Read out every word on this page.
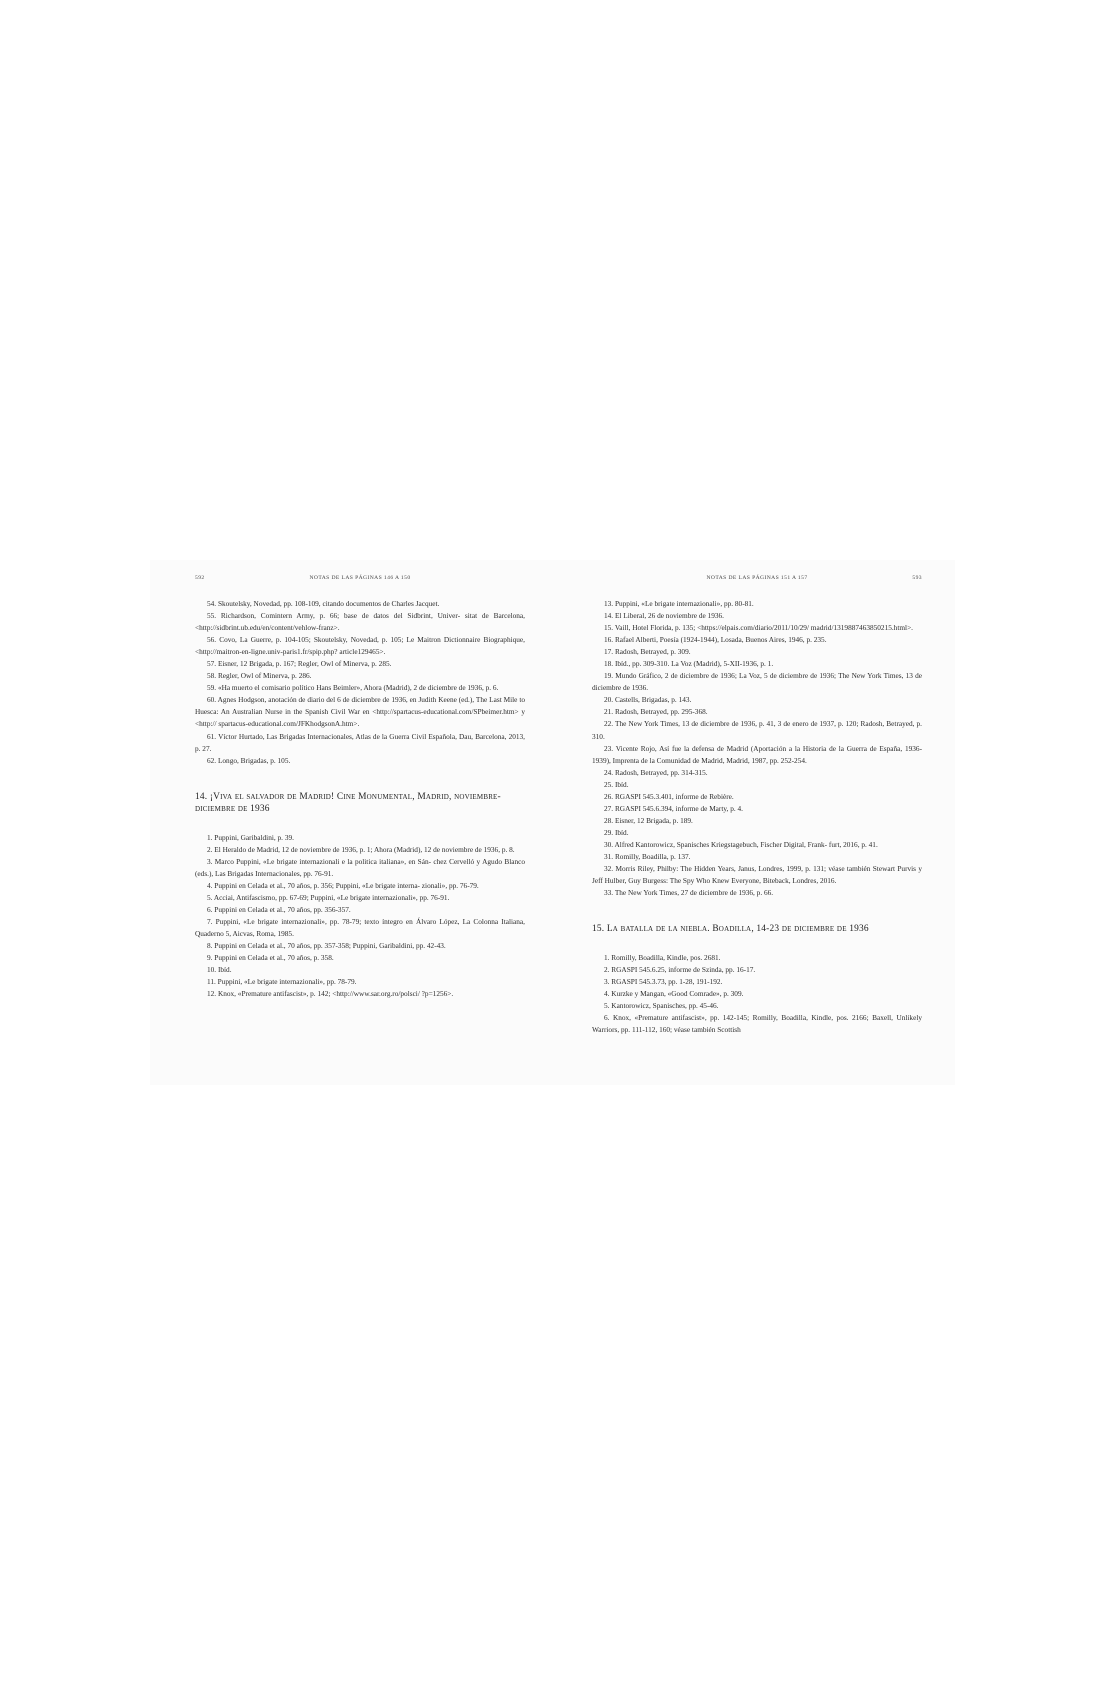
592	NOTAS DE LAS PÁGINAS 146 A 150

54. Skoutelsky, Novedad, pp. 108-109, citando documentos de Charles Jacquet.

55. Richardson, Comintern Army, p. 66; base de datos del Sidbrint, Univer- sitat de Barcelona, <http://sidbrint.ub.edu/en/content/vehlow-franz>.

56. Covo, La Guerre, p. 104-105; Skoutelsky, Novedad, p. 105; Le Maitron Dictionnaire Biographique, <http://maitron-en-ligne.univ-paris1.fr/spip.php? article129465>.

57. Eisner, 12 Brigada, p. 167; Regler, Owl of Minerva, p. 285.

58. Regler, Owl of Minerva, p. 286.

59. «Ha muerto el comisario político Hans Beimler», Ahora (Madrid), 2 de diciembre de 1936, p. 6.

60. Agnes Hodgson, anotación de diario del 6 de diciembre de 1936, en Judith Keene (ed.), The Last Mile to Huesca: An Australian Nurse in the Spanish Civil War en <http://spartacus-educational.com/SPbeimer.htm> y <http:// spartacus-educational.com/JFKhodgsonA.htm>.

61. Víctor Hurtado, Las Brigadas Internacionales, Atlas de la Guerra Civil Española, Dau, Barcelona, 2013, p. 27.

62. Longo, Brigadas, p. 105.

14. ¡Viva el salvador de Madrid! Cine Monumental, Madrid, noviembre-diciembre de 1936

1. Puppini, Garibaldini, p. 39.

2. El Heraldo de Madrid, 12 de noviembre de 1936, p. 1; Ahora (Madrid), 12 de noviembre de 1936, p. 8.

3. Marco Puppini, «Le brigate internazionali e la politica italiana», en Sán- chez Cervelló y Agudo Blanco (eds.), Las Brigadas Internacionales, pp. 76-91.

4. Puppini en Celada et al., 70 años, p. 356; Puppini, «Le brigate interna- zionali», pp. 76-79.

5. Acciai, Antifascismo, pp. 67-69; Puppini, «Le brigate internazionali», pp. 76-91.

6. Puppini en Celada et al., 70 años, pp. 356-357.

7. Puppini, «Le brigate internazionali», pp. 78-79; texto íntegro en Álvaro López, La Colonna Italiana, Quaderno 5, Aicvas, Roma, 1985.

8. Puppini en Celada et al., 70 años, pp. 357-358; Puppini, Garibaldini, pp. 42-43.

9. Puppini en Celada et al., 70 años, p. 358.

10. Ibíd.

11. Puppini, «Le brigate internazionali», pp. 78-79.

12. Knox, «Premature antifascist», p. 142; <http://www.sar.org.ro/polsci/ ?p=1256>.

NOTAS DE LAS PÁGINAS 151 A 157	593

13. Puppini, «Le brigate internazionali», pp. 80-81.

14. El Liberal, 26 de noviembre de 1936.

15. Vaill, Hotel Florida, p. 135; <https://elpais.com/diario/2011/10/29/ madrid/1319887463850215.html>.

16. Rafael Alberti, Poesía (1924-1944), Losada, Buenos Aires, 1946, p. 235.

17. Radosh, Betrayed, p. 309.

18. Ibíd., pp. 309-310. La Voz (Madrid), 5-XII-1936, p. 1.

19. Mundo Gráfico, 2 de diciembre de 1936; La Voz, 5 de diciembre de 1936; The New York Times, 13 de diciembre de 1936.

20. Castells, Brigadas, p. 143.

21. Radosh, Betrayed, pp. 295-368.

22. The New York Times, 13 de diciembre de 1936, p. 41, 3 de enero de 1937, p. 120; Radosh, Betrayed, p. 310.

23. Vicente Rojo, Así fue la defensa de Madrid (Aportación a la Historia de la Guerra de España, 1936-1939), Imprenta de la Comunidad de Madrid, Madrid, 1987, pp. 252-254.

24. Radosh, Betrayed, pp. 314-315.

25. Ibíd.

26. RGASPI 545.3.401, informe de Rebière.

27. RGASPI 545.6.394, informe de Marty, p. 4.

28. Eisner, 12 Brigada, p. 189.

29. Ibíd.

30. Alfred Kantorowicz, Spanisches Kriegstagebuch, Fischer Digital, Frank- furt, 2016, p. 41.

31. Romilly, Boadilla, p. 137.

32. Morris Riley, Philby: The Hidden Years, Janus, Londres, 1999, p. 131; véase también Stewart Purvis y Jeff Hulber, Guy Burgess: The Spy Who Knew Everyone, Biteback, Londres, 2016.

33. The New York Times, 27 de diciembre de 1936, p. 66.

15. La batalla de la niebla. Boadilla, 14-23 de diciembre de 1936

1. Romilly, Boadilla, Kindle, pos. 2681.

2. RGASPI 545.6.25, informe de Szinda, pp. 16-17.

3. RGASPI 545.3.73, pp. 1-28, 191-192.

4. Kurzke y Mangan, «Good Comrade», p. 309.

5. Kantorowicz, Spanisches, pp. 45-46.

6. Knox, «Premature antifascist», pp. 142-145; Romilly, Boadilla, Kindle, pos. 2166; Baxell, Unlikely Warriors, pp. 111-112, 160; véase también Scottish
